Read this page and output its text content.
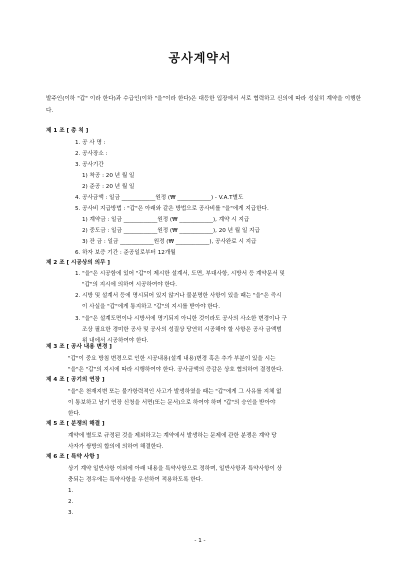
공사계약서
발주인(이하 "갑" 이라 한다)과 수급인(이하 "을"이라 한다)은 대등한 입장에서 서로 협력하고 신의에 따라 성실히 계약을 이행한다.
제 1 조 [ 총 칙 ]
1. 공 사 명 :
2. 공사장소 :
3. 공사기간
1) 착공 : 20 년 월 일
2) 준공 : 20 년 월 일
4. 공사금액 : 일금 ____________원정 (₩ ____________) - V.A.T별도
5. 공사비 지급방법 : "갑"은 아래와 같은 방법으로 공사비를 "을"에게 지급한다.
1) 계약금 : 일금 ____________원정 (₩ ____________), 계약 시 지급
2) 중도금 : 일금 ____________원정 (₩ ____________), 20 년 월 일 지급
3) 잔 금 : 일금 ____________원정 (₩ ____________), 공사완료 시 지급
6. 하자 보증 기간 : 준공일로부터 12개월
제 2 조 [ 시공상의 의무 ]
1. "을"은 시공함에 있어 "갑"이 제시한 설계서, 도면, 부대사항, 시방서 등 계약문서 및
"갑"의 지시에 의하여 시공하여야 한다.
2. 시방 및 설계서 등에 명시되어 있지 않거나 불분명한 사항이 있을 때는 "을"은 즉시
이 사실을 "갑"에게 통지하고 "갑"의 지시를 받아야 한다.
3. "을"은 설계도면이나 시방서에 명기되지 아니한 것이라도 공사의 사소한 변경이나 구
조상 필요한 경미한 공사 및 공사의 성질상 당연히 시공해야 할 사항은 공사 금액범
위 내에서 시공하여야 한다.
제 3 조 [ 공사 내용 변경 ]
"갑"이 중요 방침 변경으로 인한 시공내용(설계 내용)변경 혹은 추가 부분이 있을 시는
"을"은 "갑"의 지시에 따라 시행하여야 한다. 공사금액의 증감은 상호 협의하여 결정한다.
제 4 조 [ 공기의 연장 ]
"을"은 천재지변 또는 불가항력적인 사고가 발생하였을 때는 "갑"에게 그 사유를 지체 없
이 통보하고 남기 연장 신청을 서면(또는 문서)으로 하여야 하며 "갑"의 승인을 받아야
한다.
제 5 조 [ 분쟁의 해결 ]
계약에 별도로 규정된 것을 제외하고는 계약에서 발생하는 문제에 관한 분쟁은 계약 당
사자가 쌍방의 합의에 의하여 해결한다.
제 6 조 [ 특약 사항 ]
상기 계약 일반사항 이외에 아래 내용을 특약사항으로 정하며, 일반사항과 특약사항이 상
충되는 경우에는 특약사항을 우선하여 적용하도록 한다.
1.
2.
3.
- 1 -
